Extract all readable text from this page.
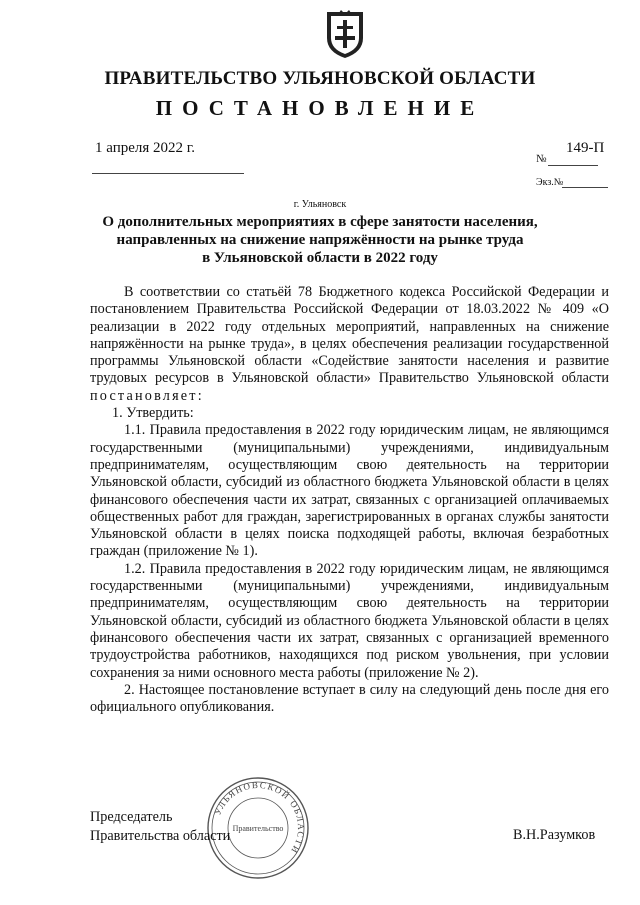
ПРАВИТЕЛЬСТВО УЛЬЯНОВСКОЙ ОБЛАСТИ
ПОСТАНОВЛЕНИЕ
1 апреля 2022 г.	149-П
№
Экз.№
г. Ульяновск
О дополнительных мероприятиях в сфере занятости населения,
направленных на снижение напряжённости на рынке труда
в Ульяновской области в 2022 году

В соответствии со статьёй 78 Бюджетного кодекса Российской Федерации и постановлением Правительства Российской Федерации от 18.03.2022 № 409 «О реализации в 2022 году отдельных мероприятий, направленных на снижение напряжённости на рынке труда», в целях обеспечения реализации государственной программы Ульяновской области «Содействие занятости населения и развитие трудовых ресурсов в Ульяновской области» Правительство Ульяновской области постановляет:

1. Утвердить:

1.1. Правила предоставления в 2022 году юридическим лицам, не являющимся государственными (муниципальными) учреждениями, индивидуальным предпринимателям, осуществляющим свою деятельность на территории Ульяновской области, субсидий из областного бюджета Ульяновской области в целях финансового обеспечения части их затрат, связанных с организацией оплачиваемых общественных работ для граждан, зарегистрированных в органах службы занятости Ульяновской области в целях поиска подходящей работы, включая безработных граждан (приложение № 1).

1.2. Правила предоставления в 2022 году юридическим лицам, не являющимся государственными (муниципальными) учреждениями, индивидуальным предпринимателям, осуществляющим свою деятельность на территории Ульяновской области, субсидий из областного бюджета Ульяновской области в целях финансового обеспечения части их затрат, связанных с организацией временного трудоустройства работников, находящихся под риском увольнения, при условии сохранения за ними основного места работы (приложение № 2).

2. Настоящее постановление вступает в силу на следующий день после дня его официального опубликования.

УЛЬЯНОВСКОЙ ОБЛАСТИ
Правительство
Председатель
Правительства области	В.Н.Разумков
